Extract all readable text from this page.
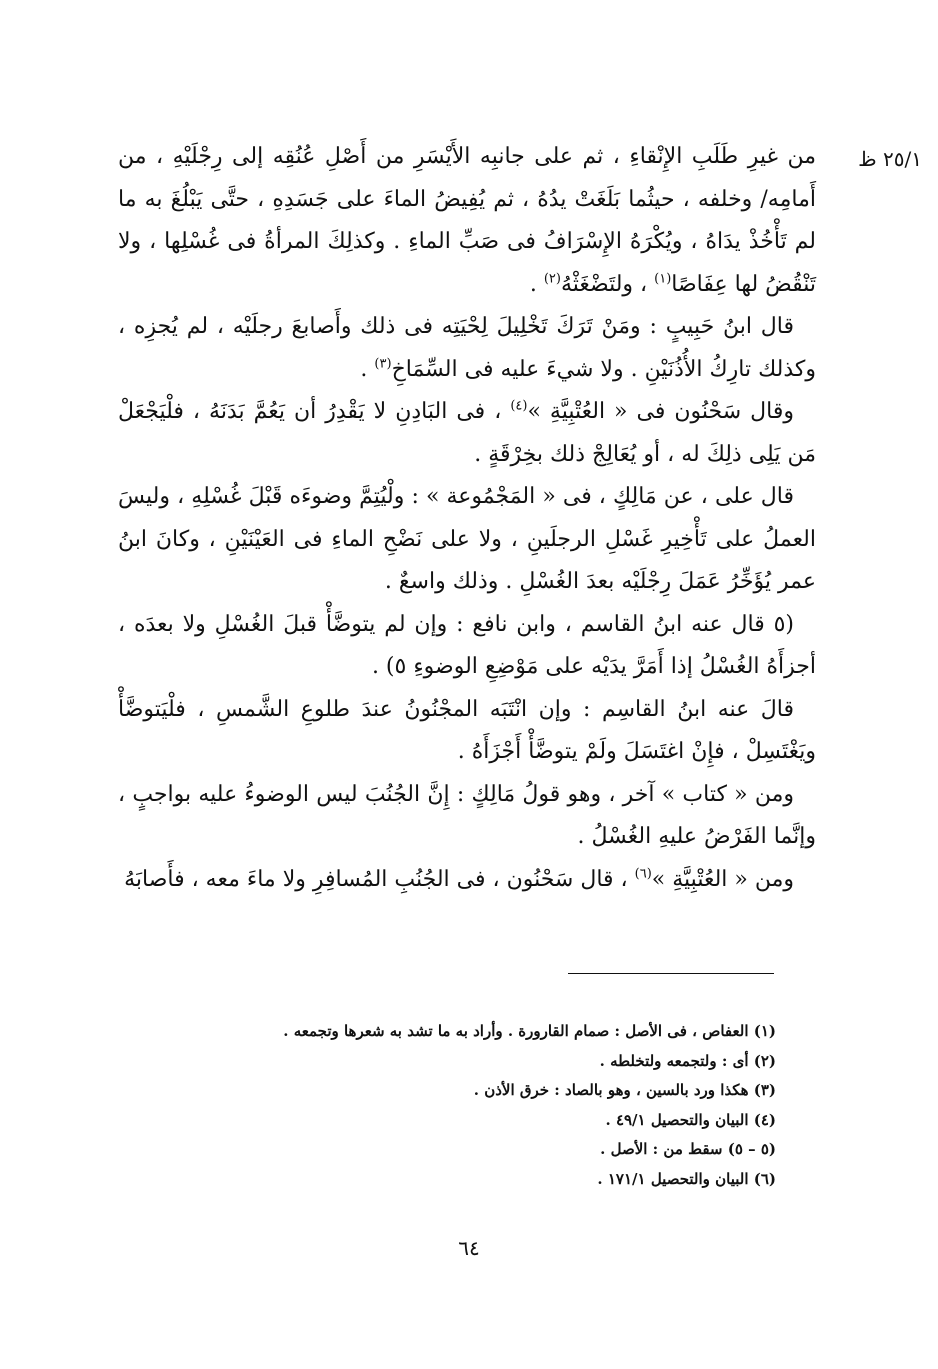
٢٥/١ ظ

من غيرِ طَلَبِ الإِنْقاءِ ، ثم على جانبِه الأَيْسَرِ من أَصْلِ عُنُقِه إلى رِجْلَيْهِ ، من أَمامِه/ وخلفه ، حيثُما بَلَغَتْ يدُهُ ، ثم يُفِيضُ الماءَ على جَسَدِهِ ، حتَّى يَبْلُغَ به ما لم تَأْخُذْ يدَاهُ ، ويُكْرَهُ الإِسْرَافُ فى صَبِّ الماءِ . وكذلِكَ المرأةُ فى غُسْلِها ، ولا تَنْقُضُ لها عِفَاصًا$^{(١)}$ ، ولتَضْغَثْهُ$^{(٢)}$ .

قال ابنُ حَبِيبٍ : ومَنْ تَرَكَ تَخْلِيلَ لِحْيَتِه فى ذلك وأَصابعَ رجلَيْه ، لم يُجزِه ، وكذلك تارِكُ الأُذُنَيْنِ . ولا شيءَ عليه فى السِّمَاخِ$^{(٣)}$ .

وقال سَحْنُون فى « العُتْبِيَّةِ »$^{(٤)}$ ، فى البَادِنِ لا يَقْدِرُ أن يَعُمَّ بَدَنَهُ ، فلْيَجْعَلْ مَن يَلِى ذلِكَ له ، أو يُعَالِجْ ذلك بخِرْقَةٍ .

قال على ، عن مَالِكٍ ، فى « المَجْمُوعة » : ولْيُتِمَّ وضوءَه قَبْلَ غُسْلِهِ ، وليسَ العملُ على تَأْخِيرِ غَسْلِ الرجلَينِ ، ولا على نَضْحِ الماءِ فى العَيْنَيْنِ ، وكانَ ابنُ عمر يُؤَخِّرُ عَمَلَ رِجْلَيْه بعدَ الغُسْلِ . وذلك واسعٌ .

(٥ قال عنه ابنُ القاسم ، وابن نافع : وإن لم يتوضَّأْ قبلَ الغُسْلِ ولا بعدَه ، أجزأَهُ الغُسْلُ إذا أَمَرَّ يدَيْه على مَوْضِعِ الوضوءِ ٥) .

قالَ عنه ابنُ القاسِم : وإن انْتَبَه المجْنُونُ عندَ طلوعِ الشَّمسِ ، فلْيَتوضَّأْ ويَغْتَسِلْ ، فإِنْ اغتَسَلَ ولَمْ يتوضَّأْ أَجْزَأَهُ .

ومن « كتاب » آخر ، وهو قولُ مَالِكٍ : إِنَّ الجُنُبَ ليس الوضوءُ عليه بواجبٍ ، وإنَّما الفَرْضُ عليهِ الغُسْلُ .

ومن « العُتْبِيَّةِ »$^{(٦)}$ ، قال سَحْنُون ، فى الجُنُبِ المُسافِرِ ولا ماءَ معه ، فأَصابَهُ

(١) العفاص ، فى الأصل : صمام القارورة . وأراد به ما تشد به شعرها وتجمعه .
(٢) أى : ولتجمعه ولتخلطه .
(٣) هكذا ورد بالسين ، وهو بالصاد : خرق الأذن .
(٤) البيان والتحصيل ٤٩/١ .
(٥ – ٥) سقط من : الأصل .
(٦) البيان والتحصيل ١٧١/١ .
٦٤
